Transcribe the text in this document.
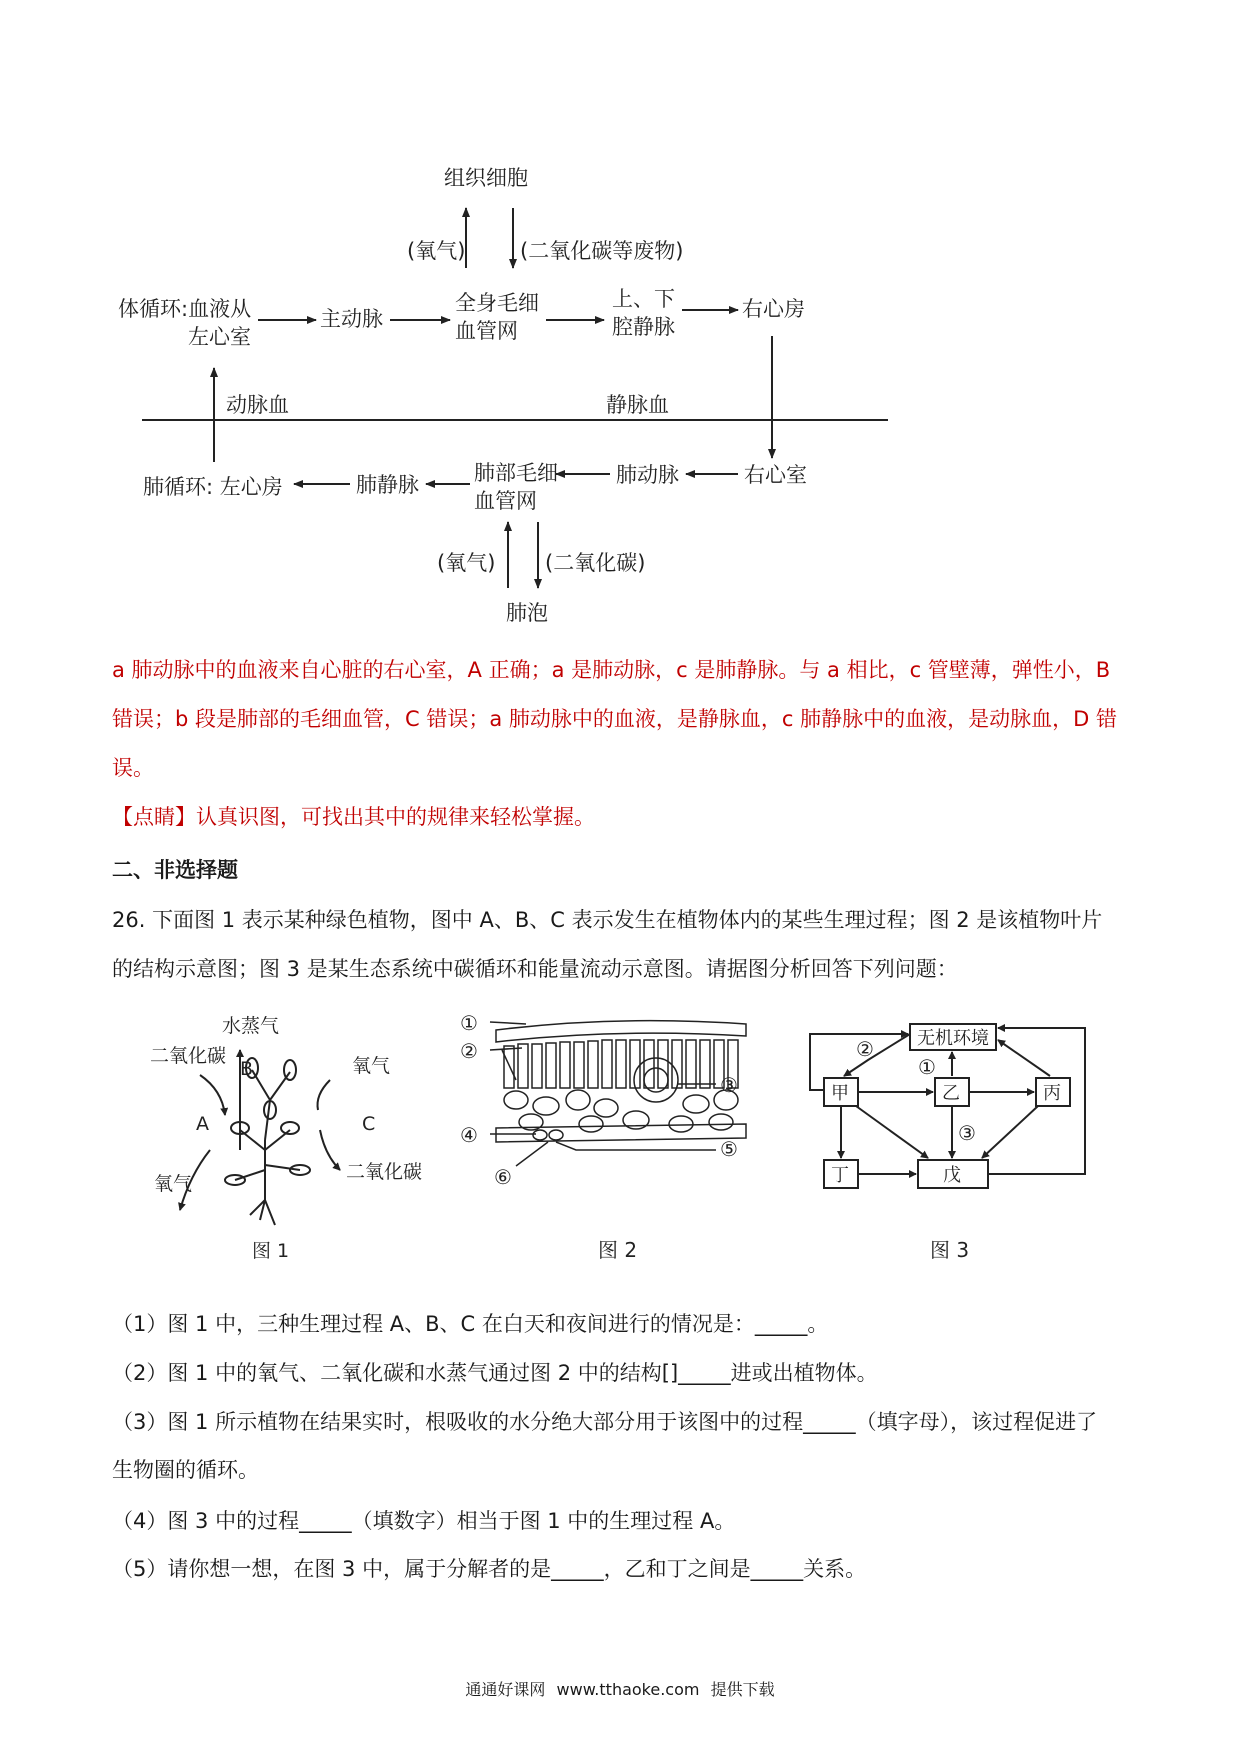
组织细胞
(氧气)	(二氧化碳等废物)
体循环:血液从
左心室
主动脉
全身毛细
血管网
上、下
腔静脉
右心房
动脉血	静脉血
右心室
肺动脉
肺部毛细
血管网
肺静脉
肺循环: 左心房
(氧气) (二氧化碳)
肺泡
a 肺动脉中的血液来自心脏的右心室，A 正确；a 是肺动脉，c 是肺静脉。与 a 相比，c 管壁薄，弹性小，B
错误；b 段是肺部的毛细血管，C 错误；a 肺动脉中的血液，是静脉血，c 肺静脉中的血液，是动脉血，D 错
误。
【点睛】认真识图，可找出其中的规律来轻松掌握。
二、非选择题
26. 下面图 1 表示某种绿色植物，图中 A、B、C 表示发生在植物体内的某些生理过程；图 2 是该植物叶片
的结构示意图；图 3 是某生态系统中碳循环和能量流动示意图。请据图分析回答下列问题：
水蒸气
二氧化碳
B
A
氧气
氧气
C
二氧化碳
图 1
①
②
③
④
⑤
⑥
图 2
无机环境
甲	乙	丙
丁	戊
①
②
③
图 3
（1）图 1 中，三种生理过程 A、B、C 在白天和夜间进行的情况是：_____。
（2）图 1 中的氧气、二氧化碳和水蒸气通过图 2 中的结构[]_____进或出植物体。
（3）图 1 所示植物在结果实时，根吸收的水分绝大部分用于该图中的过程_____（填字母），该过程促进了
生物圈的循环。
（4）图 3 中的过程_____（填数字）相当于图 1 中的生理过程 A。
（5）请你想一想，在图 3 中，属于分解者的是_____，乙和丁之间是_____关系。
通通好课网 www.tthaoke.com 提供下载
